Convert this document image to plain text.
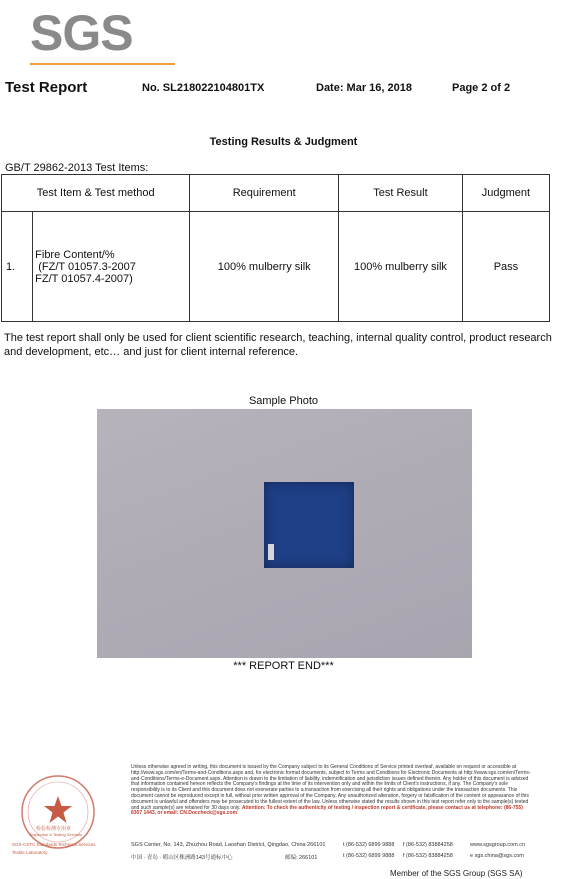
SGS
Test Report	No. SL218022104801TX	Date: Mar 16, 2018	Page 2 of 2
Testing Results & Judgment
GB/T 29862-2013 Test Items:
Test Item & Test method		Requirement	Test Result	Judgment
1.	Fibre Content/%
(FZ/T 01057.3-2007
FZ/T 01057.4-2007)	100% mulberry silk	100% mulberry silk	Pass
The test report shall only be used for client scientific research, teaching, internal quality control, product research and development, etc… and just for client internal reference.
Sample Photo
*** REPORT END***
检验检测专用章
Inspection & Testing Services
SGS-CSTC Standards Technical Services
Textile Laboratory
Unless otherwise agreed in writing, this document is issued by the Company subject to its General Conditions of Service printed overleaf, available on request or accessible at http://www.sgs.com/en/Terms-and-Conditions.aspx and, for electronic format documents, subject to Terms and Conditions for Electronic Documents at http://www.sgs.com/en/Terms-and-Conditions/Terms-e-Document.aspx. Attention is drawn to the limitation of liability, indemnification and jurisdiction issues defined therein. Any holder of this document is advised that information contained hereon reflects the Company's findings at the time of its intervention only and within the limits of Client's instructions, if any. The Company's sole responsibility is to its Client and this document does not exonerate parties to a transaction from exercising all their rights and obligations under the transaction documents. This document cannot be reproduced except in full, without prior written approval of the Company. Any unauthorized alteration, forgery or falsification of the content or appearance of this document is unlawful and offenders may be prosecuted to the fullest extent of the law. Unless otherwise stated the results shown in this test report refer only to the sample(s) tested and such sample(s) are retained for 30 days only. Attention: To check the authenticity of testing / inspection report & certificate, please contact us at telephone: (86-755) 8307 1443, or email: CN.Doccheck@sgs.com
SGS Center, No. 143, Zhuzhou Road, Laoshan District, Qingdao, China 266101	t (86-532) 6899 9888 f (86-532) 83884258	www.sgsgroup.com.cn
中国 · 青岛 · 崂山区株洲路143号通标中心	邮编: 266101	t (86-532) 6899 9888 f (86-532) 83884258	e sgs.china@sgs.com
Member of the SGS Group (SGS SA)
